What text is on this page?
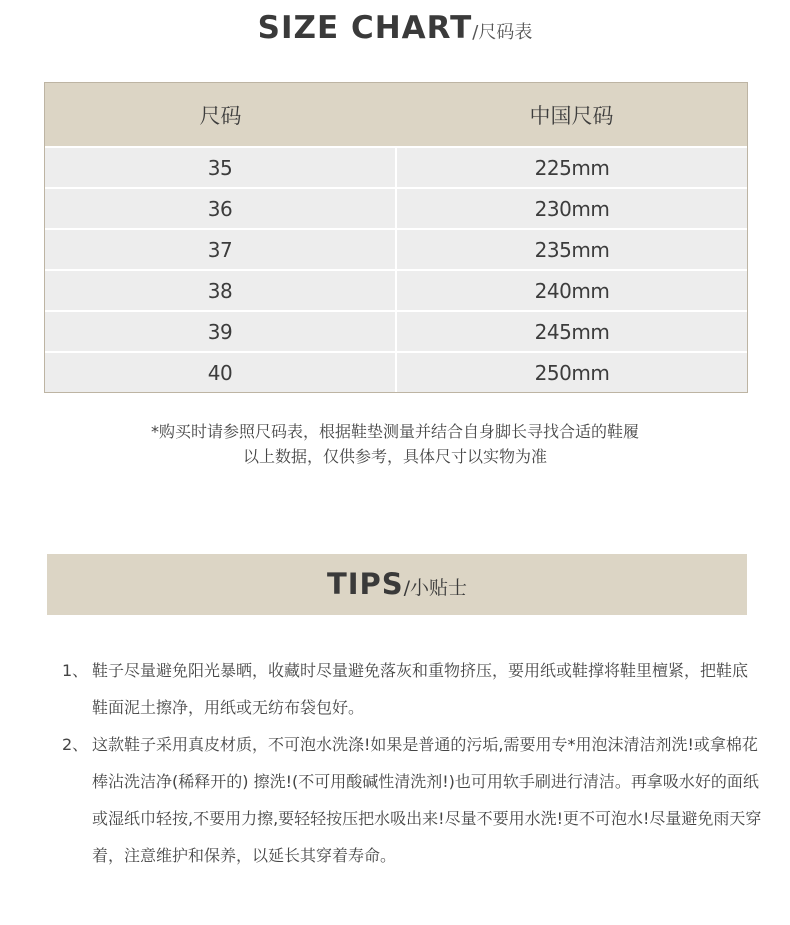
SIZE CHART/尺码表
尺码	中国尺码
35	225mm
36	230mm
37	235mm
38	240mm
39	245mm
40	250mm
*购买时请参照尺码表，根据鞋垫测量并结合自身脚长寻找合适的鞋履
以上数据，仅供参考，具体尺寸以实物为准
TIPS/小贴士
1、 鞋子尽量避免阳光暴晒，收藏时尽量避免落灰和重物挤压，要用纸或鞋撑将鞋里檀紧，把鞋底鞋面泥土擦净，用纸或无纺布袋包好。
2、 这款鞋子采用真皮材质，不可泡水洗涤!如果是普通的污垢,需要用专*用泡沫清洁剂洗!或拿棉花棒沾洗洁净(稀释开的) 擦洗!(不可用酸碱性清洗剂!)也可用软手刷进行清洁。再拿吸水好的面纸或湿纸巾轻按,不要用力擦,要轻轻按压把水吸出来!尽量不要用水洗!更不可泡水!尽量避免雨天穿着，注意维护和保养，以延长其穿着寿命。
